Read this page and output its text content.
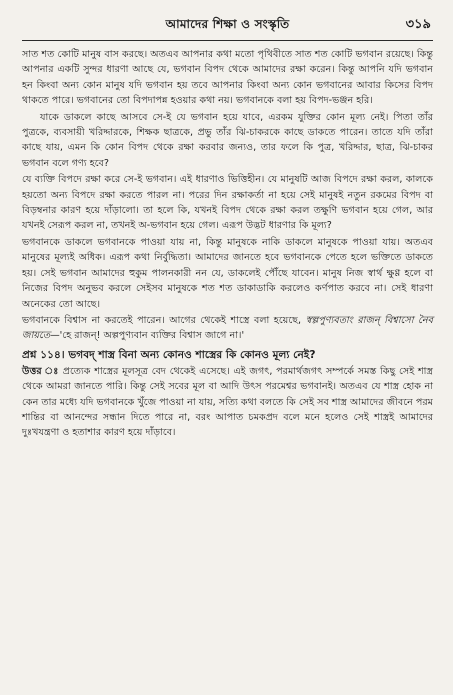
আমাদের শিক্ষা ও সংস্কৃতি	৩১৯

সাত শত কোটি মানুষ বাস করছে। অতএব আপনার কথা মতো পৃথিবীতে সাত শত কোটি ভগবান রয়েছে। কিন্তু আপনার একটি সুন্দর ধারণা আছে যে, ভগবান বিপদ থেকে আমাদের রক্ষা করেন। কিন্তু আপনি যদি ভগবান হন কিংবা অন্য কোন মানুষ যদি ভগবান হয় তবে আপনার কিংবা অন্য কোন ভগবানের আবার কিসের বিপদ থাকতে পারে। ভগবানের তো বিপদাপন্ন হওয়ার কথা নয়। ভগবানকে বলা হয় বিপদ-ভঞ্জন হরি।

যাকে ডাকলে কাছে আসবে সে-ই যে ভগবান হয়ে যাবে, এরকম যুক্তির কোন মূল্য নেই। পিতা তাঁর পুত্রকে, ব্যবসায়ী খরিদ্দারকে, শিক্ষক ছাত্রকে, প্রভু তাঁর ঝি-চাকরকে কাছে ডাকতে পারেন। তাতে যদি তাঁরা কাছে যায়, এমন কি কোন বিপদ থেকে রক্ষা করবার জন্যও, তার ফলে কি পুত্র, খরিদ্দার, ছাত্র, ঝি-চাকর ভগবান বলে গণ্য হবে?

যে ব্যক্তি বিপদে রক্ষা করে সে-ই ভগবান। এই ধারণাও ভিত্তিহীন। যে মানুষটি আজ বিপদে রক্ষা করল, কালকে হয়তো অন্য বিপদে রক্ষা করতে পারল না। পরের দিন রক্ষাকর্তা না হয়ে সেই মানুষই নতুন রকমের বিপদ বা বিড়ম্বনার কারণ হয়ে দাঁড়ালো। তা হলে কি, যখনই বিপদ থেকে রক্ষা করল তক্ষুণি ভগবান হয়ে গেল, আর যখনই সেরূপ করল না, তখনই অ-ভগবান হয়ে গেল। এরূপ উদ্ভট ধারণার কি মূল্য?

ভগবানকে ডাকলে ভগবানকে পাওয়া যায় না, কিন্তু মানুষকে নাকি ডাকলে মানুষকে পাওয়া যায়। অতএব মানুষের মূল্যই অধিক। এরূপ কথা নির্বুদ্ধিতা। আমাদের জানতে হবে ভগবানকে পেতে হলে ভক্তিতে ডাকতে হয়। সেই ভগবান আমাদের হুকুম পালনকারী নন যে, ডাকলেই পৌঁছে যাবেন। মানুষ নিজ স্বার্থ ক্ষুণ্ণ হলে বা নিজের বিপদ অনুভব করলে সেইসব মানুষকে শত শত ডাকাডাকি করলেও কর্ণপাত করবে না। সেই ধারণা অনেকের তো আছে।

ভগবানকে বিশ্বাস না করতেই পারেন। আগের থেকেই শাস্ত্রে বলা হয়েছে, স্বল্পপুণ্যবতাং রাজন্ বিশ্বাসো নৈব জায়তে—'হে রাজন্! অল্পপুণ্যবান ব্যক্তির বিশ্বাস জাগে না।'

প্রশ্ন ১১৪। ভগবদ্ শাস্ত্র বিনা অন্য কোনও শাস্ত্রের কি কোনও মূল্য নেই?

উত্তর ঃ প্রত্যেক শাস্ত্রের মূলসূত্র বেদ থেকেই এসেছে। এই জগৎ, পরমার্থজগৎ সম্পর্কে সমস্ত কিছু সেই শাস্ত্র থেকে আমরা জানতে পারি। কিন্তু সেই সবের মূল বা আদি উৎস পরমেশ্বর ভগবানই। অতএব যে শাস্ত্র হোক না কেন তার মধ্যে যদি ভগবানকে খুঁজে পাওয়া না যায়, সত্যি কথা বলতে কি সেই সব শাস্ত্র আমাদের জীবনে পরম শান্তির বা আনন্দের সন্ধান দিতে পারে না, বরং আপাত চমকপ্রদ বলে মনে হলেও সেই শাস্ত্রই আমাদের দুঃখযন্ত্রণা ও হতাশার কারণ হয়ে দাঁড়াবে।
